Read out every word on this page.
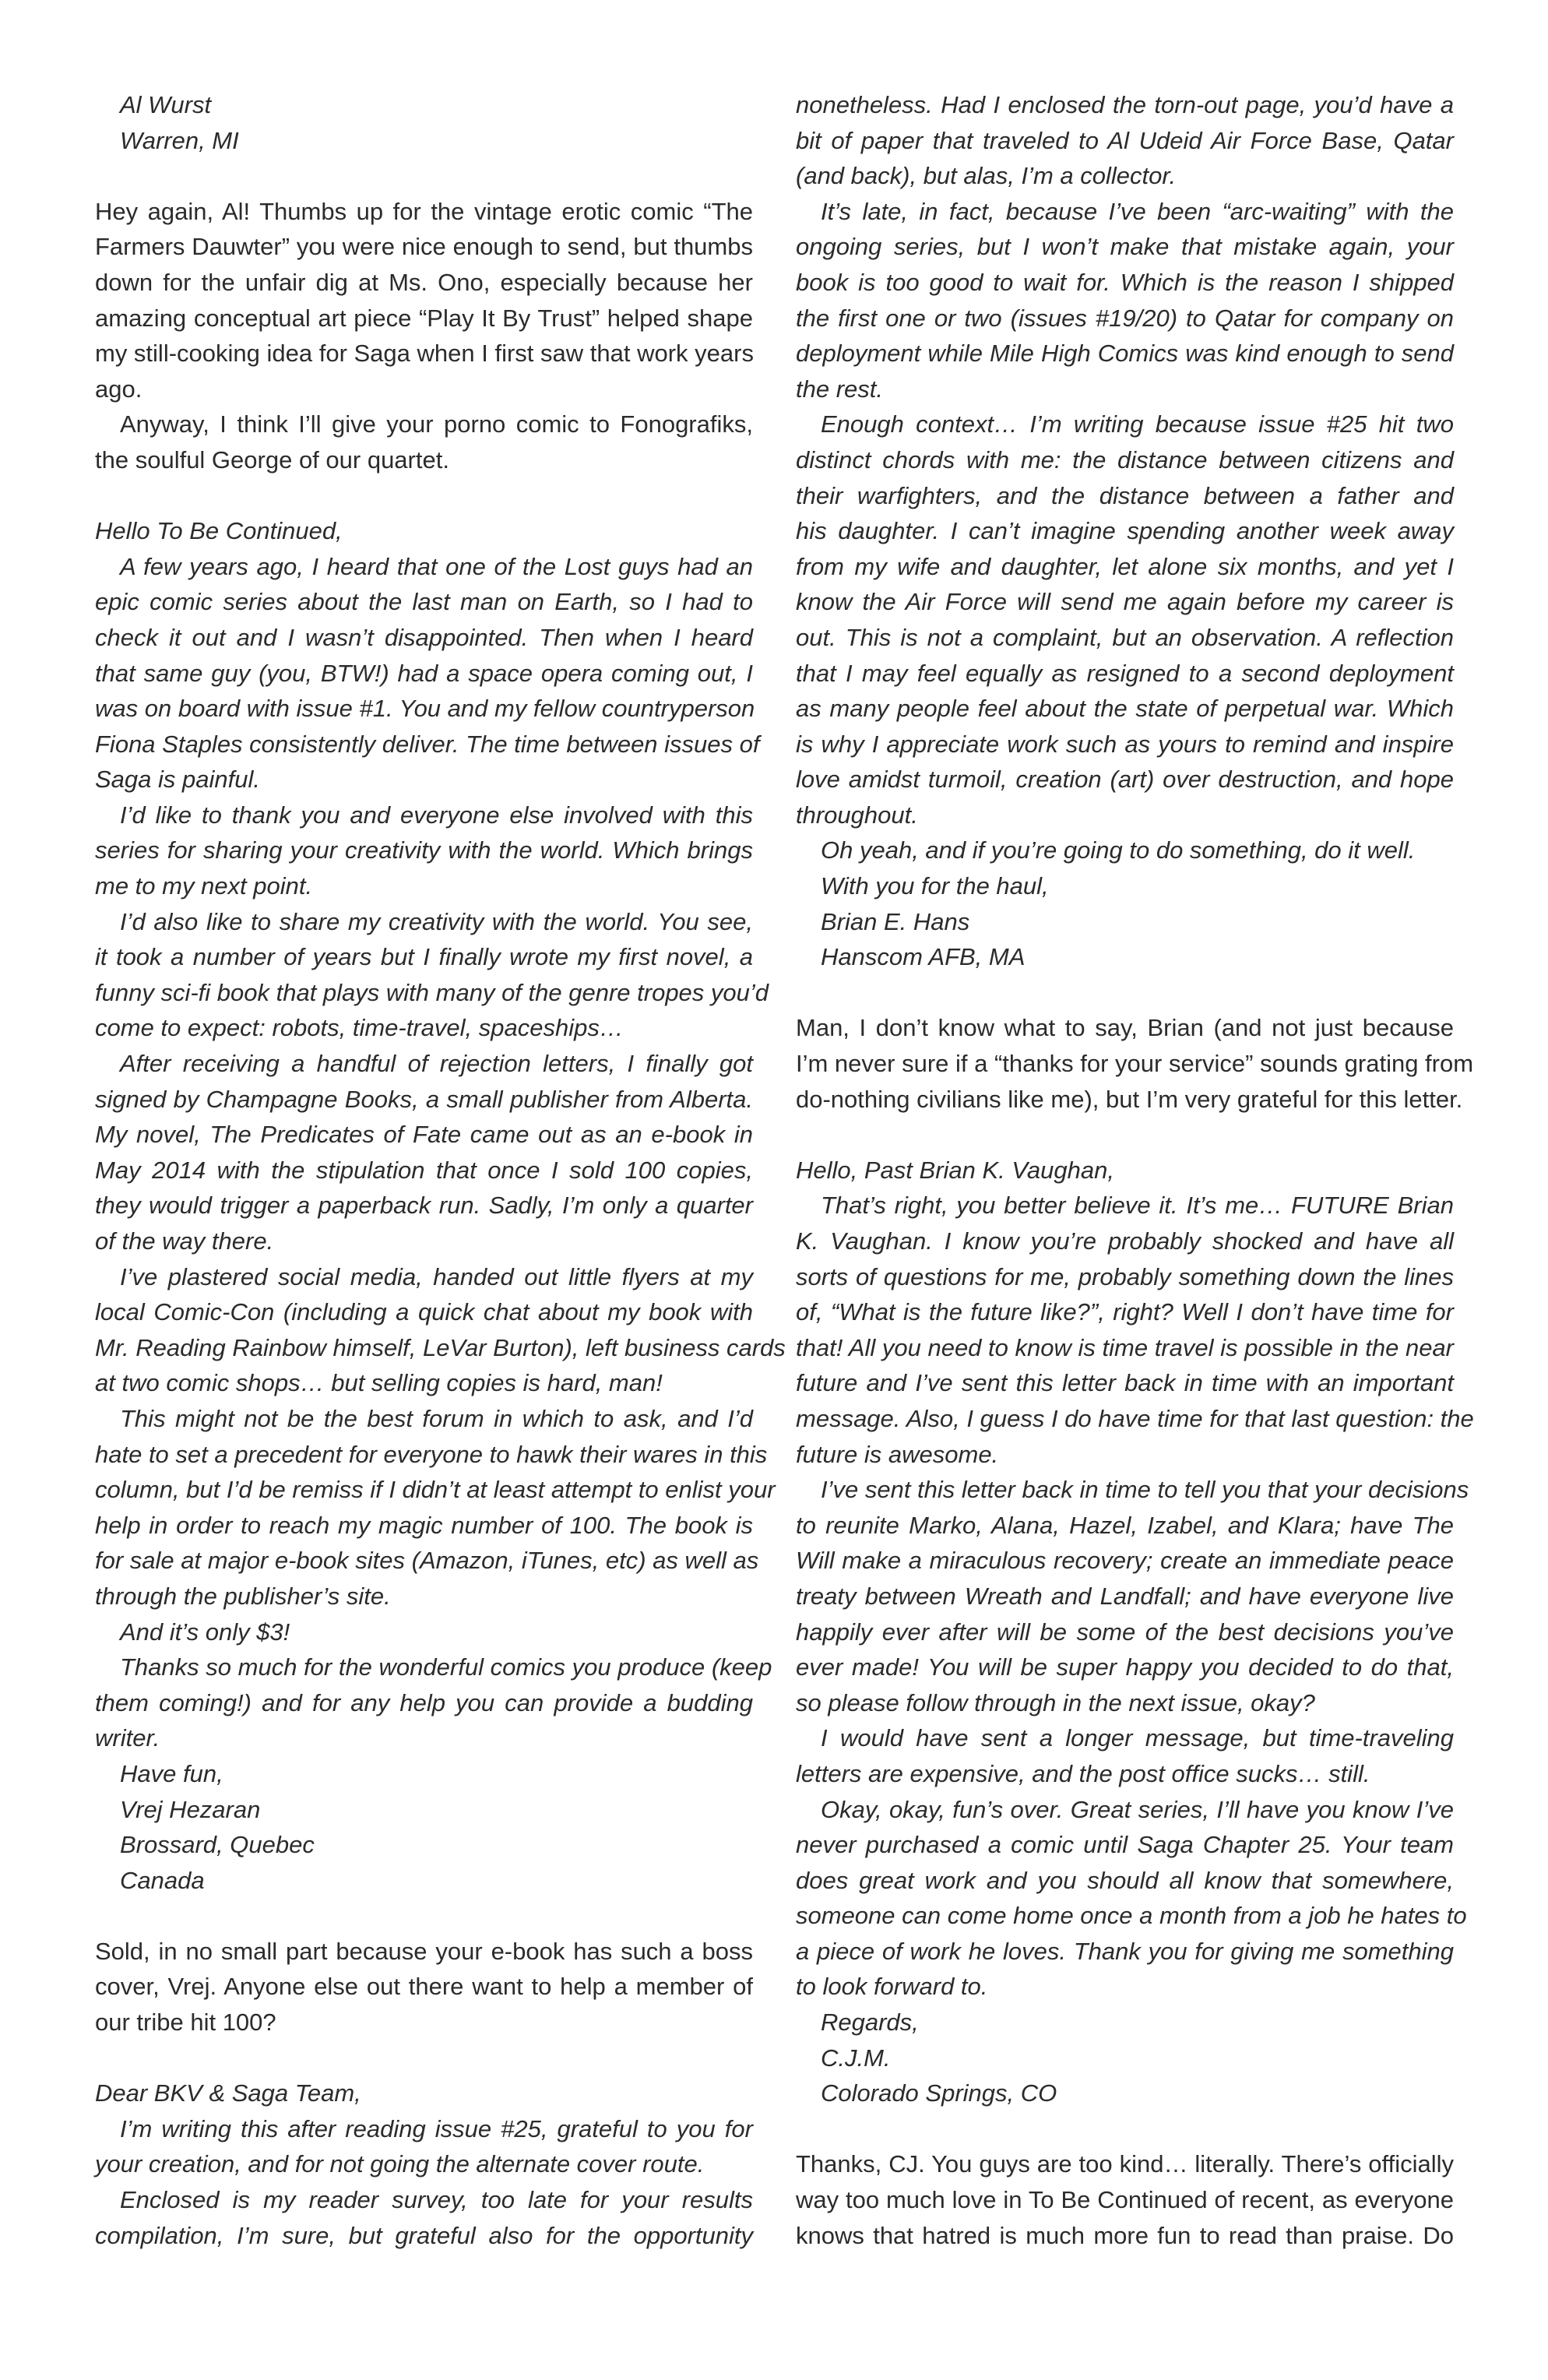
Al Wurst
Warren, MI
Hey again, Al! Thumbs up for the vintage erotic comic “The
Farmers Dauwter” you were nice enough to send, but thumbs
down for the unfair dig at Ms. Ono, especially because her
amazing conceptual art piece “Play It By Trust” helped shape
my still-cooking idea for Saga when I first saw that work years
ago.
Anyway, I think I’ll give your porno comic to Fonografiks,
the soulful George of our quartet.
Hello To Be Continued,
A few years ago, I heard that one of the Lost guys had an
epic comic series about the last man on Earth, so I had to
check it out and I wasn’t disappointed. Then when I heard
that same guy (you, BTW!) had a space opera coming out, I
was on board with issue #1. You and my fellow countryperson
Fiona Staples consistently deliver. The time between issues of
Saga is painful.
I’d like to thank you and everyone else involved with this
series for sharing your creativity with the world. Which brings
me to my next point.
I’d also like to share my creativity with the world. You see,
it took a number of years but I finally wrote my first novel, a
funny sci-fi book that plays with many of the genre tropes you’d
come to expect: robots, time-travel, spaceships…
After receiving a handful of rejection letters, I finally got
signed by Champagne Books, a small publisher from Alberta.
My novel, The Predicates of Fate came out as an e-book in
May 2014 with the stipulation that once I sold 100 copies,
they would trigger a paperback run. Sadly, I’m only a quarter
of the way there.
I’ve plastered social media, handed out little flyers at my
local Comic-Con (including a quick chat about my book with
Mr. Reading Rainbow himself, LeVar Burton), left business cards
at two comic shops… but selling copies is hard, man!
This might not be the best forum in which to ask, and I’d
hate to set a precedent for everyone to hawk their wares in this
column, but I’d be remiss if I didn’t at least attempt to enlist your
help in order to reach my magic number of 100. The book is
for sale at major e-book sites (Amazon, iTunes, etc) as well as
through the publisher’s site.
And it’s only $3!
Thanks so much for the wonderful comics you produce (keep
them coming!) and for any help you can provide a budding
writer.
Have fun,
Vrej Hezaran
Brossard, Quebec
Canada
Sold, in no small part because your e-book has such a boss
cover, Vrej. Anyone else out there want to help a member of
our tribe hit 100?
Dear BKV & Saga Team,
I’m writing this after reading issue #25, grateful to you for
your creation, and for not going the alternate cover route.
Enclosed is my reader survey, too late for your results
compilation, I’m sure, but grateful also for the opportunity
nonetheless. Had I enclosed the torn-out page, you’d have a
bit of paper that traveled to Al Udeid Air Force Base, Qatar
(and back), but alas, I’m a collector.
It’s late, in fact, because I’ve been “arc-waiting” with the
ongoing series, but I won’t make that mistake again, your
book is too good to wait for. Which is the reason I shipped
the first one or two (issues #19/20) to Qatar for company on
deployment while Mile High Comics was kind enough to send
the rest.
Enough context… I’m writing because issue #25 hit two
distinct chords with me: the distance between citizens and
their warfighters, and the distance between a father and
his daughter. I can’t imagine spending another week away
from my wife and daughter, let alone six months, and yet I
know the Air Force will send me again before my career is
out. This is not a complaint, but an observation. A reflection
that I may feel equally as resigned to a second deployment
as many people feel about the state of perpetual war. Which
is why I appreciate work such as yours to remind and inspire
love amidst turmoil, creation (art) over destruction, and hope
throughout.
Oh yeah, and if you’re going to do something, do it well.
With you for the haul,
Brian E. Hans
Hanscom AFB, MA
Man, I don’t know what to say, Brian (and not just because
I’m never sure if a “thanks for your service” sounds grating from
do-nothing civilians like me), but I’m very grateful for this letter.
Hello, Past Brian K. Vaughan,
That’s right, you better believe it. It’s me… FUTURE Brian
K. Vaughan. I know you’re probably shocked and have all
sorts of questions for me, probably something down the lines
of, “What is the future like?”, right? Well I don’t have time for
that! All you need to know is time travel is possible in the near
future and I’ve sent this letter back in time with an important
message. Also, I guess I do have time for that last question: the
future is awesome.
I’ve sent this letter back in time to tell you that your decisions
to reunite Marko, Alana, Hazel, Izabel, and Klara; have The
Will make a miraculous recovery; create an immediate peace
treaty between Wreath and Landfall; and have everyone live
happily ever after will be some of the best decisions you’ve
ever made! You will be super happy you decided to do that,
so please follow through in the next issue, okay?
I would have sent a longer message, but time-traveling
letters are expensive, and the post office sucks… still.
Okay, okay, fun’s over. Great series, I’ll have you know I’ve
never purchased a comic until Saga Chapter 25. Your team
does great work and you should all know that somewhere,
someone can come home once a month from a job he hates to
a piece of work he loves. Thank you for giving me something
to look forward to.
Regards,
C.J.M.
Colorado Springs, CO
Thanks, CJ. You guys are too kind… literally. There’s officially
way too much love in To Be Continued of recent, as everyone
knows that hatred is much more fun to read than praise. Do
